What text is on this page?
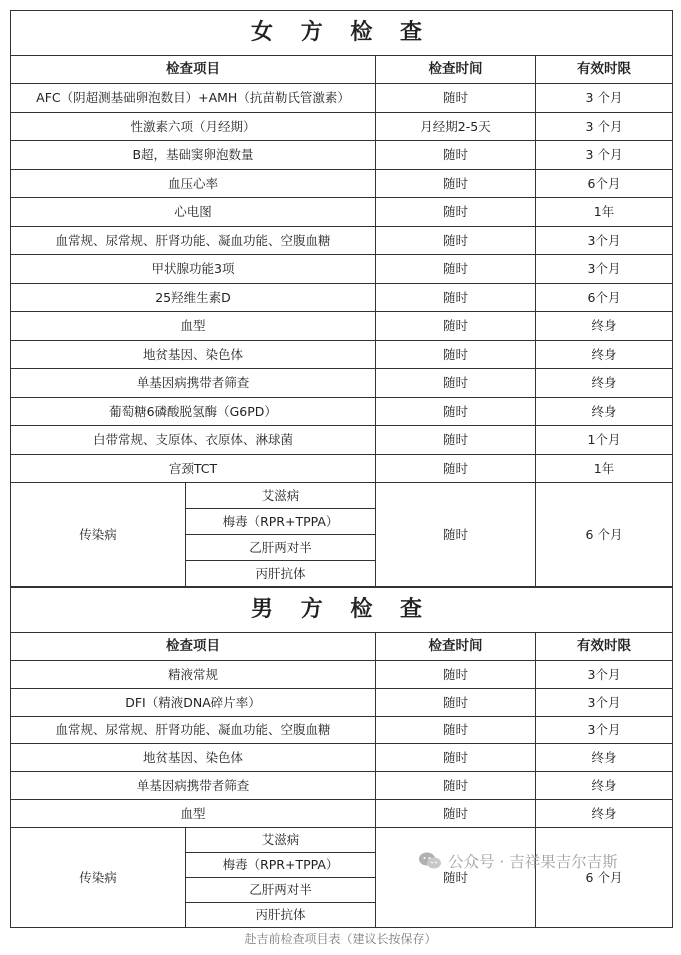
女 方 检 查			
检查项目		检查时间	有效时限
AFC（阴超测基础卵泡数目）+AMH（抗苗勒氏管激素）		随时	3 个月
性激素六项（月经期）		月经期2-5天	3 个月
B超，基础窦卵泡数量		随时	3 个月
血压心率		随时	6个月
心电图		随时	1年
血常规、尿常规、肝肾功能、凝血功能、空腹血糖		随时	3个月
甲状腺功能3项		随时	3个月
25羟维生素D		随时	6个月
血型		随时	终身
地贫基因、染色体		随时	终身
单基因病携带者筛查		随时	终身
葡萄糖6磷酸脱氢酶（G6PD）		随时	终身
白带常规、支原体、衣原体、淋球菌		随时	1个月
宫颈TCT		随时	1年
传染病	艾滋病	随时	6 个月
	梅毒（RPR+TPPA）		
	乙肝两对半		
	丙肝抗体		
男 方 检 查			
检查项目		检查时间	有效时限
精液常规		随时	3个月
DFI（精液DNA碎片率）		随时	3个月
血常规、尿常规、肝肾功能、凝血功能、空腹血糖		随时	3个月
地贫基因、染色体		随时	终身
单基因病携带者筛查		随时	终身
血型		随时	终身
传染病	艾滋病	随时	6 个月
	梅毒（RPR+TPPA）		
	乙肝两对半		
	丙肝抗体		
公众号 · 吉祥果吉尔吉斯
赴吉前检查项目表（建议长按保存）
